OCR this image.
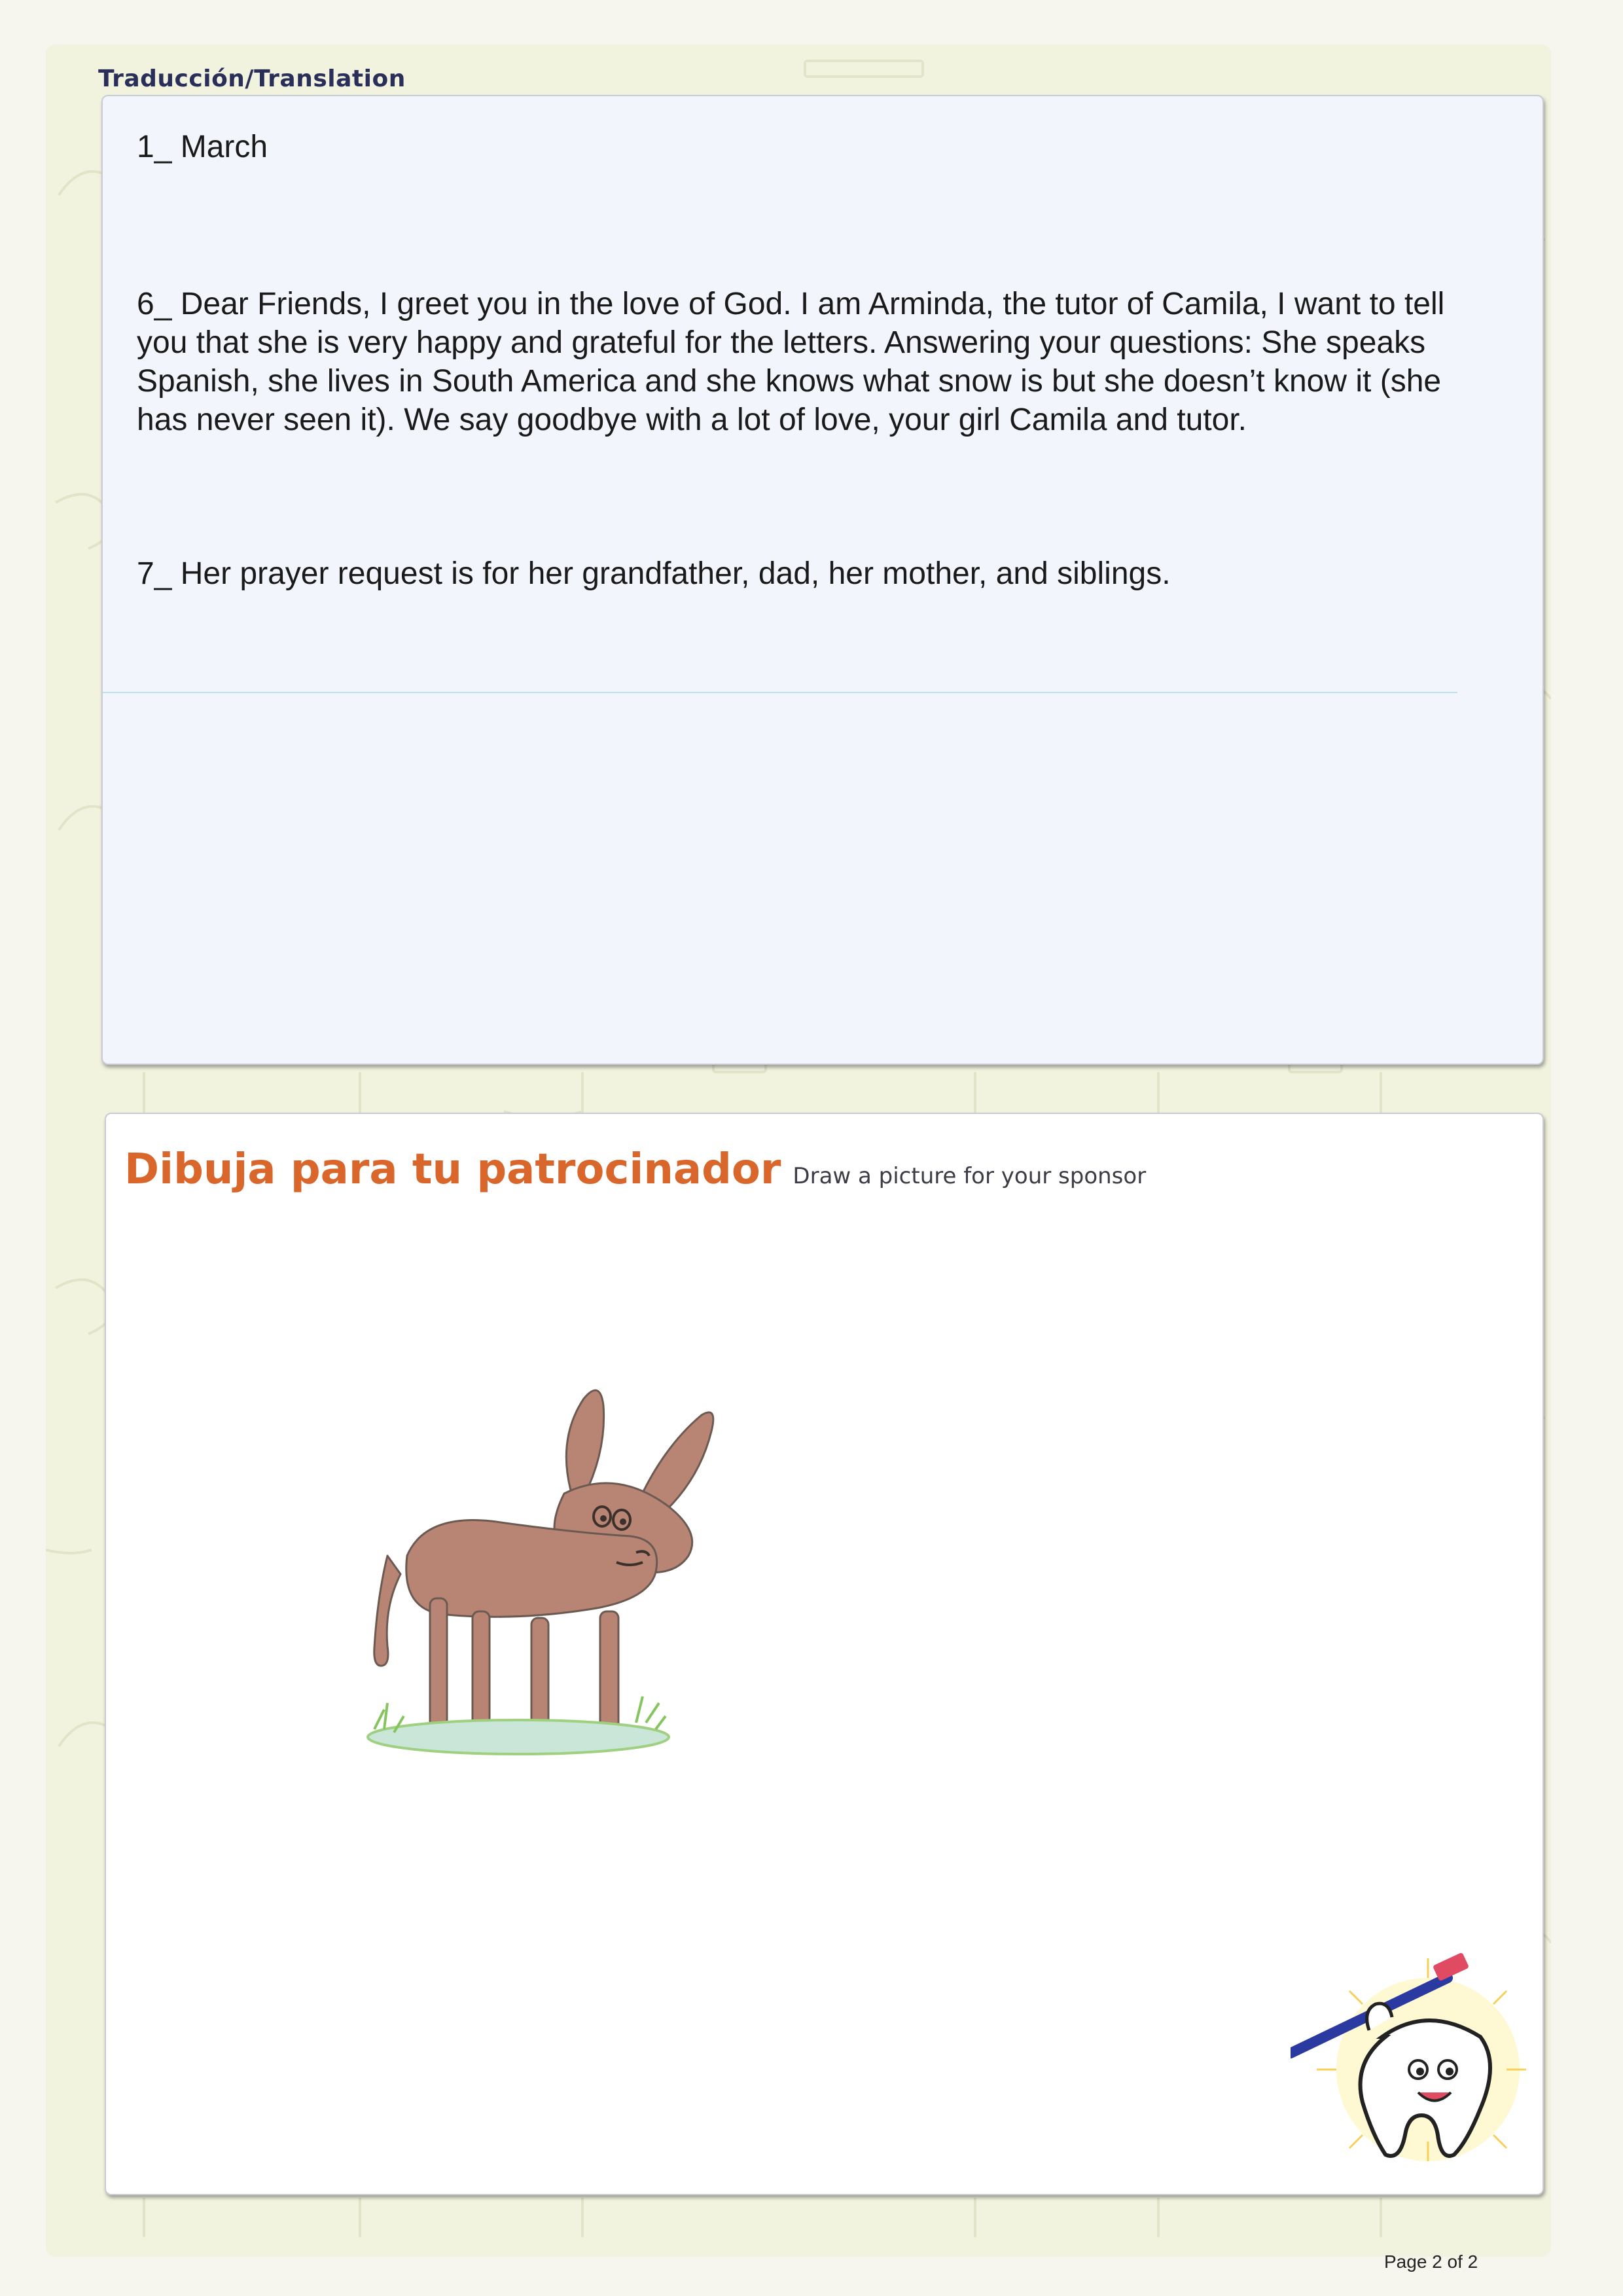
Traducción/Translation
1_ March
6_ Dear Friends, I greet you in the love of God. I am Arminda, the tutor of Camila, I want to tell you that she is very happy and grateful for the letters. Answering your questions: She speaks Spanish, she lives in South America and she knows what snow is but she doesn’t know it (she has never seen it). We say goodbye with a lot of love, your girl Camila and tutor.
7_ Her prayer request is for her grandfather, dad, her mother, and siblings.
Dibuja para tu patrocinador Draw a picture for your sponsor
Page 2 of 2
